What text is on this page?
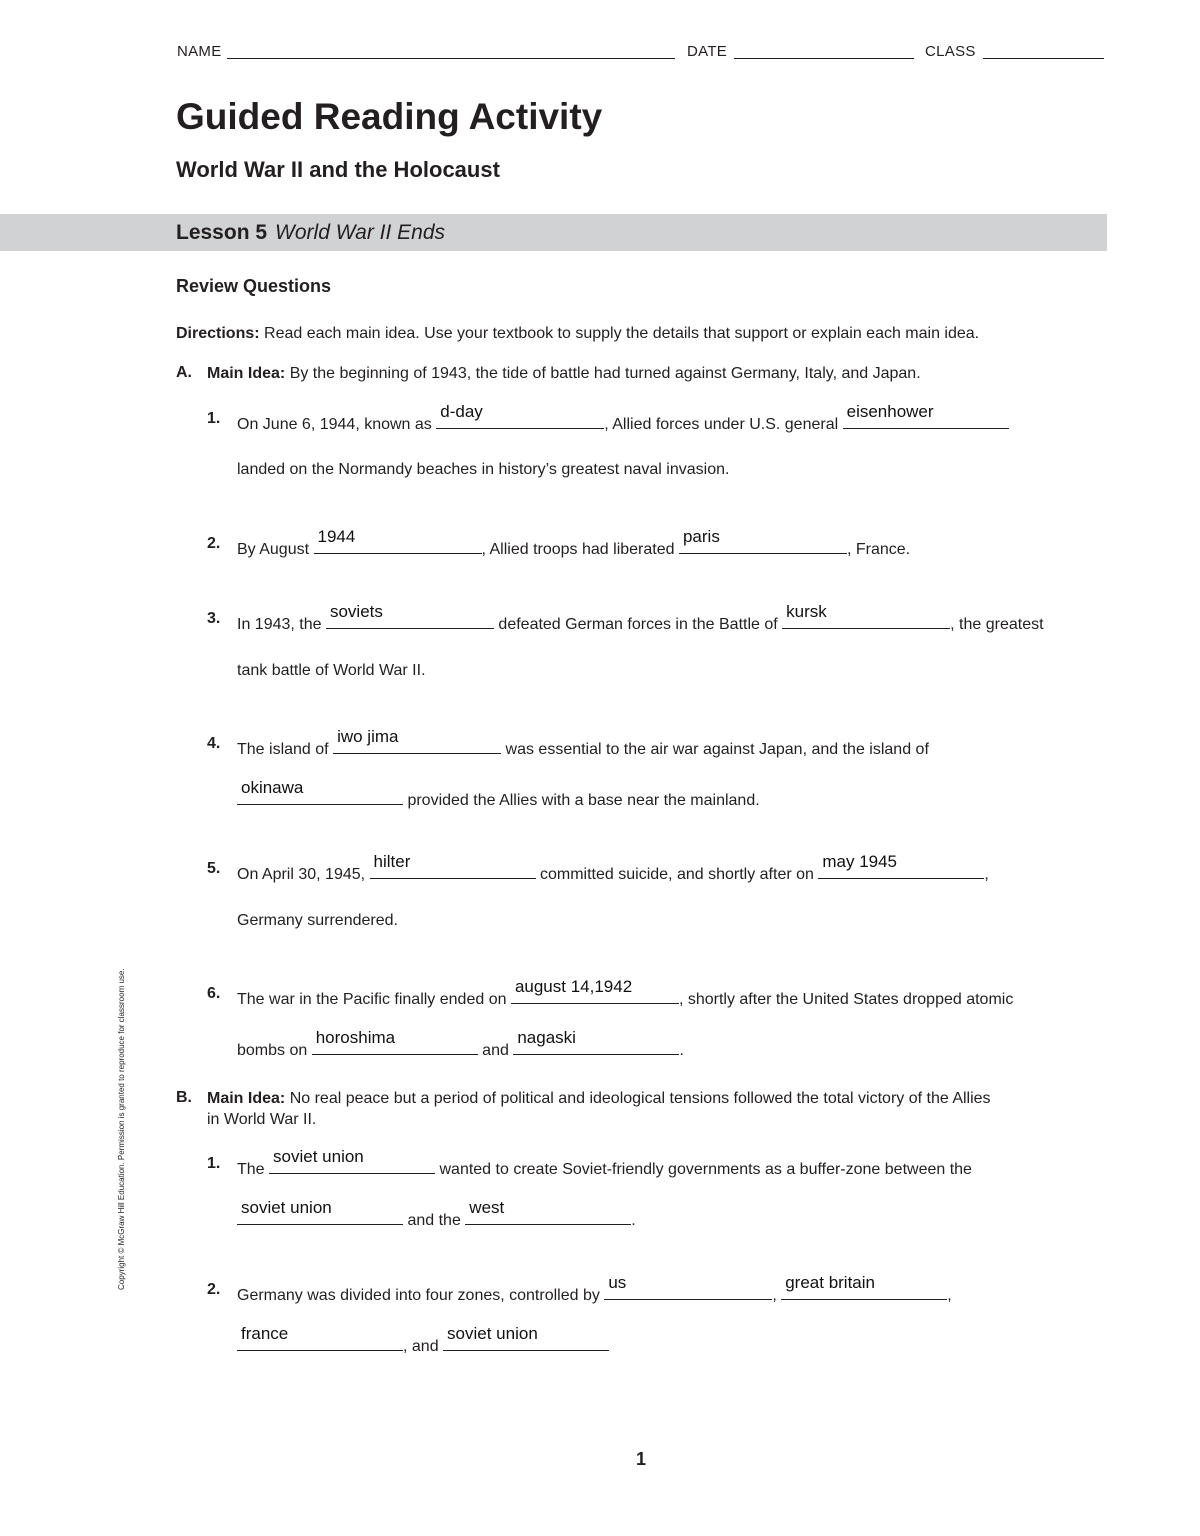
NAME	DATE	CLASS
Guided Reading Activity
World War II and the Holocaust
Lesson 5 World War II Ends
Review Questions
Directions: Read each main idea. Use your textbook to supply the details that support or explain each main idea.
A. Main Idea: By the beginning of 1943, the tide of battle had turned against Germany, Italy, and Japan.
1. On June 6, 1944, known as
d-day
, Allied forces under U.S. general
eisenhower
landed on the Normandy beaches in history’s greatest naval invasion.
2. By August
1944
, Allied troops had liberated
paris
, France.
3. In 1943, the
soviets
defeated German forces in the Battle of
kursk
, the greatest
tank battle of World War II.
4. The island of
iwo jima
was essential to the air war against Japan, and the island of
okinawa
provided the Allies with a base near the mainland.
5. On April 30, 1945,
hilter
committed suicide, and shortly after on
may 1945
,
Germany surrendered.
6. The war in the Pacific finally ended on
august 14,1942
, shortly after the United States dropped atomic
bombs on
horoshima
and
nagaski
.
B. Main Idea: No real peace but a period of political and ideological tensions followed the total victory of the Allies
in World War II.
1. The
soviet union
wanted to create Soviet-friendly governments as a buffer-zone between the
soviet union
and the
west
.
2. Germany was divided into four zones, controlled by
us
,
great britain
,
france
, and
soviet union
Copyright © McGraw Hill Education. Permission is granted to reproduce for classroom use.
1
